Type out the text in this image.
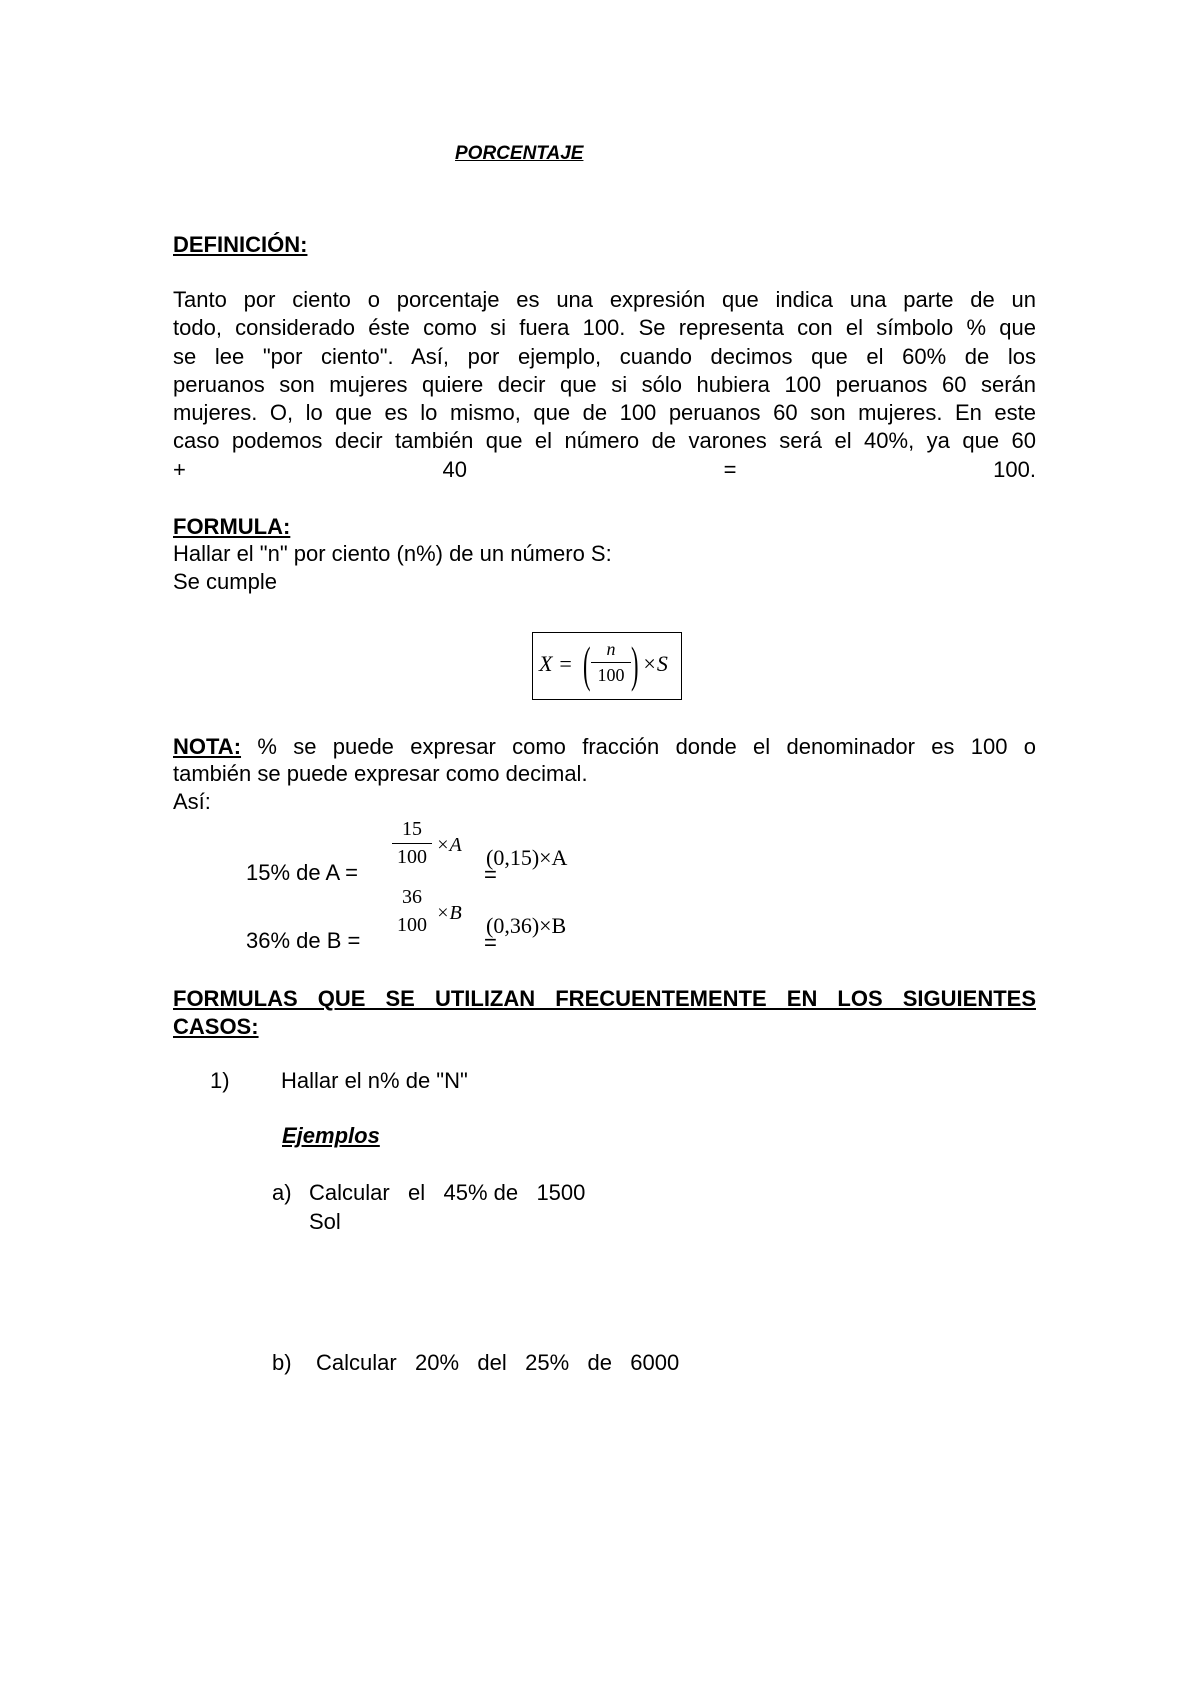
PORCENTAJE
DEFINICIÓN:
Tanto por ciento o porcentaje es una expresión que indica una parte de un
todo, considerado éste como si fuera 100. Se representa con el símbolo % que
se lee "por ciento". Así, por ejemplo, cuando decimos que el 60% de los
peruanos son mujeres quiere decir que si sólo hubiera 100 peruanos 60 serán
mujeres. O, lo que es lo mismo, que de 100 peruanos 60 son mujeres. En este
caso podemos decir también que el número de varones será el 40%, ya que 60
+ 40 = 100.
FORMULA:
Hallar el "n" por ciento (n%) de un número S:
Se cumple
X = ( n
100 ) ×S
NOTA: % se puede expresar como fracción donde el denominador es 100 o
también se puede expresar como decimal.
Así:
15% de A =
15
100
×A
=
(0,15)×A
36% de B =
36
100
×B
=
(0,36)×B
FORMULAS QUE SE UTILIZAN FRECUENTEMENTE EN LOS SIGUIENTES
CASOS:
1) Hallar el n% de "N"
Ejemplos
a) Calcular   el   45% de   1500
Sol
b) Calcular   20%   del   25%   de   6000
